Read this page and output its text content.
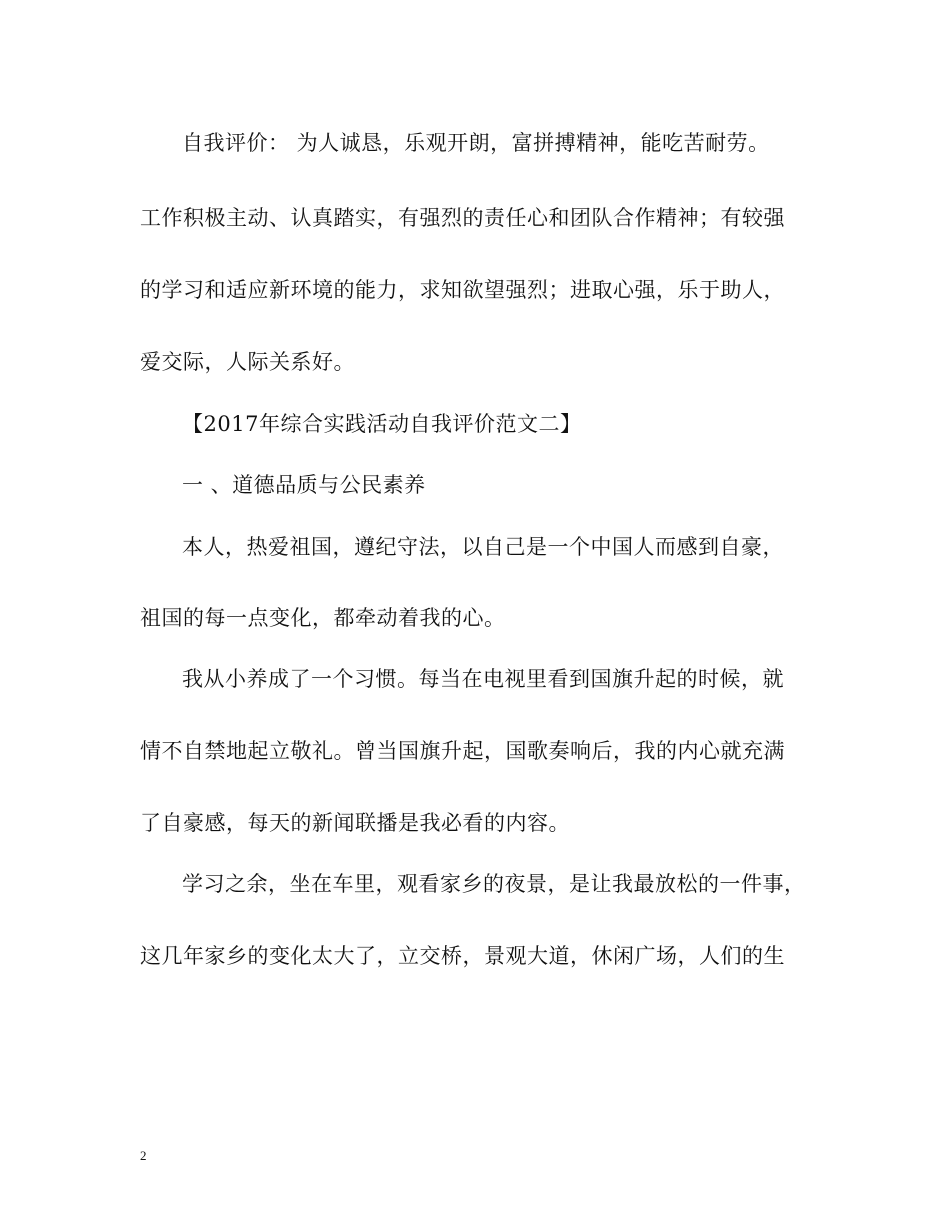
自我评价： 为人诚恳，乐观开朗，富拼搏精神，能吃苦耐劳。
工作积极主动、认真踏实，有强烈的责任心和团队合作精神；有较强
的学习和适应新环境的能力，求知欲望强烈；进取心强，乐于助人，
爱交际，人际关系好。
【2017年综合实践活动自我评价范文二】
一 、道德品质与公民素养
本人，热爱祖国，遵纪守法，以自己是一个中国人而感到自豪，
祖国的每一点变化，都牵动着我的心。
我从小养成了一个习惯。每当在电视里看到国旗升起的时候，就
情不自禁地起立敬礼。曾当国旗升起，国歌奏响后，我的内心就充满
了自豪感，每天的新闻联播是我必看的内容。
学习之余，坐在车里，观看家乡的夜景，是让我最放松的一件事，
这几年家乡的变化太大了，立交桥，景观大道，休闲广场，人们的生
2
